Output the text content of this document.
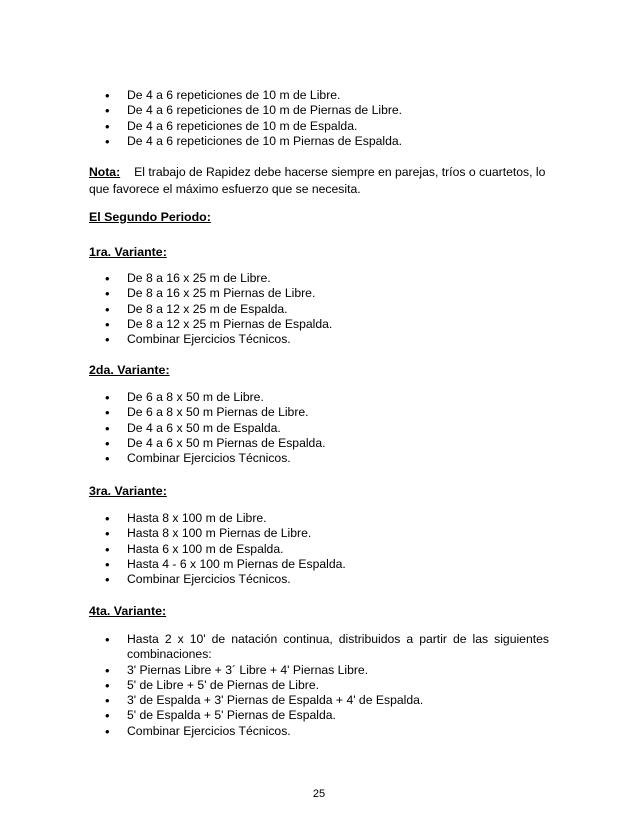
• De 4 a 6 repeticiones de 10 m de Libre.
• De 4 a 6 repeticiones de 10 m de Piernas de Libre.
• De 4 a 6 repeticiones de 10 m de Espalda.
• De 4 a 6 repeticiones de 10 m Piernas de Espalda.
Nota: El trabajo de Rapidez debe hacerse siempre en parejas, tríos o cuartetos, lo que favorece el máximo esfuerzo que se necesita.
El Segundo Periodo:
1ra. Variante:
• De 8 a 16 x 25 m de Libre.
• De 8 a 16 x 25 m Piernas de Libre.
• De 8 a 12 x 25 m de Espalda.
• De 8 a 12 x 25 m Piernas de Espalda.
• Combinar Ejercicios Técnicos.
2da. Variante:
• De 6 a 8 x 50 m de Libre.
• De 6 a 8 x 50 m Piernas de Libre.
• De 4 a 6 x 50 m de Espalda.
• De 4 a 6 x 50 m Piernas de Espalda.
• Combinar Ejercicios Técnicos.
3ra. Variante:
• Hasta 8 x 100 m de Libre.
• Hasta 8 x 100 m Piernas de Libre.
• Hasta 6 x 100 m de Espalda.
• Hasta 4 - 6 x 100 m Piernas de Espalda.
• Combinar Ejercicios Técnicos.
4ta. Variante:
• Hasta 2 x 10' de natación continua, distribuidos a partir de las siguientes combinaciones:
• 3' Piernas Libre + 3´ Libre + 4' Piernas Libre.
• 5' de Libre + 5' de Piernas de Libre.
• 3' de Espalda + 3' Piernas de Espalda + 4' de Espalda.
• 5' de Espalda + 5' Piernas de Espalda.
• Combinar Ejercicios Técnicos.
25
